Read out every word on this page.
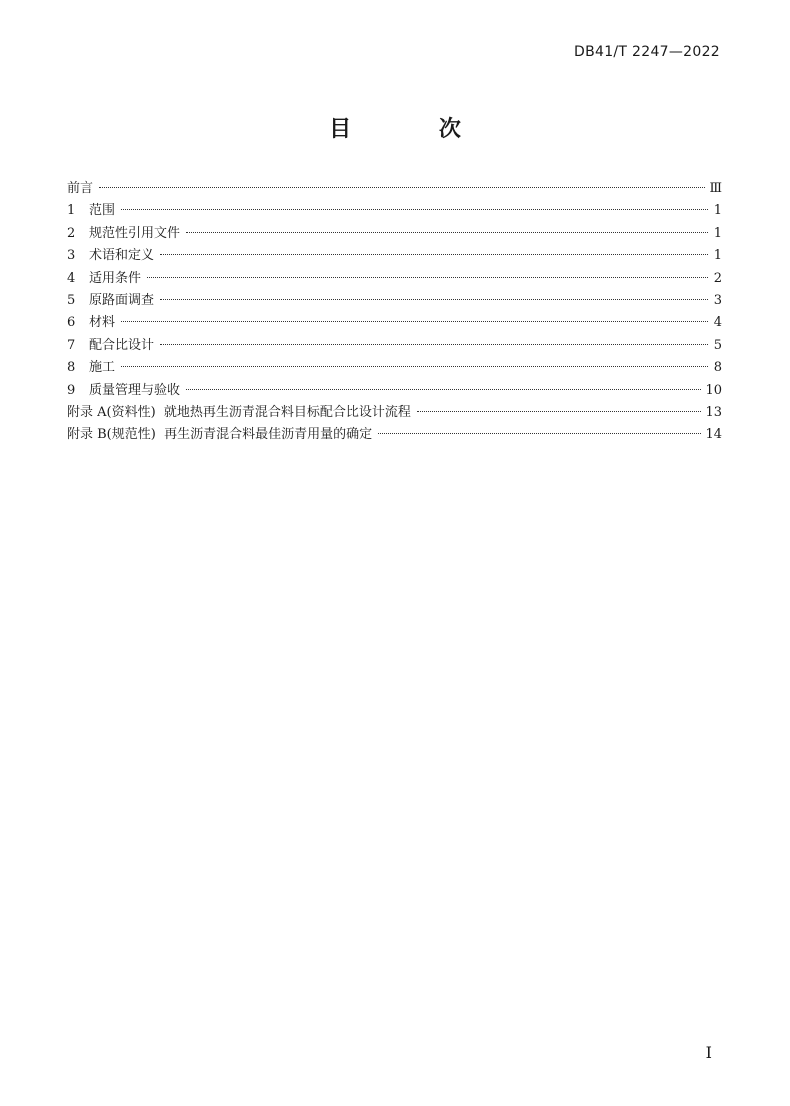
DB41/T 2247—2022
目 次
前言	Ⅲ
1	范围	1
2	规范性引用文件	1
3	术语和定义	1
4	适用条件	2
5	原路面调查	3
6	材料	4
7	配合比设计	5
8	施工	8
9	质量管理与验收	10
附录 A(资料性)  就地热再生沥青混合料目标配合比设计流程	13
附录 B(规范性)  再生沥青混合料最佳沥青用量的确定	14
I
